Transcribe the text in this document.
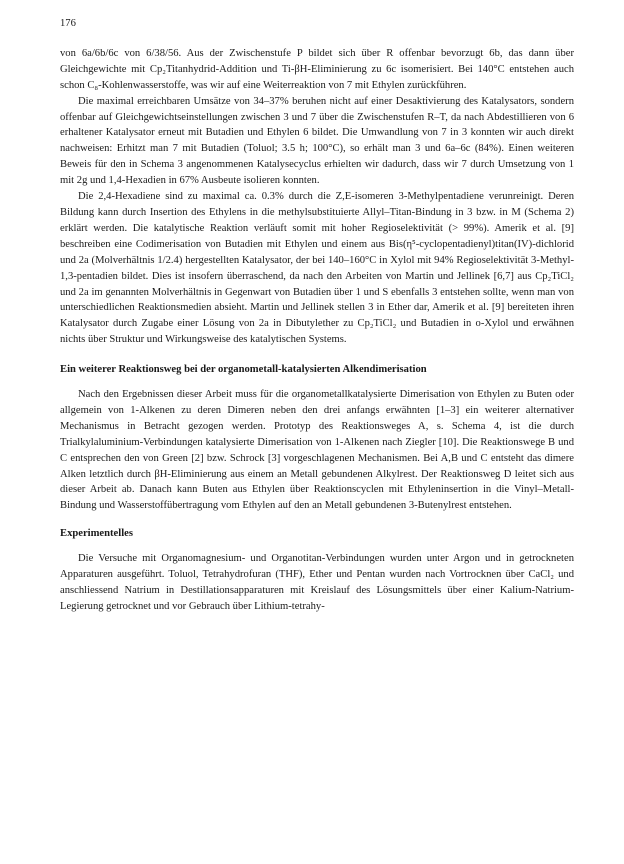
176

von 6a/6b/6c von 6/38/56. Aus der Zwischenstufe P bildet sich über R offenbar bevorzugt 6b, das dann über Gleichgewichte mit Cp₂Titanhydrid-Addition und Ti-βH-Eliminierung zu 6c isomerisiert. Bei 140°C entstehen auch schon C₈-Kohlenwasserstoffe, was wir auf eine Weiterreaktion von 7 mit Ethylen zurückführen.

Die maximal erreichbaren Umsätze von 34–37% beruhen nicht auf einer Desaktivierung des Katalysators, sondern offenbar auf Gleichgewichtseinstellungen zwischen 3 und 7 über die Zwischenstufen R–T, da nach Abdestillieren von 6 erhaltener Katalysator erneut mit Butadien und Ethylen 6 bildet. Die Umwandlung von 7 in 3 konnten wir auch direkt nachweisen: Erhitzt man 7 mit Butadien (Toluol; 3.5 h; 100°C), so erhält man 3 und 6a–6c (84%). Einen weiteren Beweis für den in Schema 3 angenommenen Katalysecyclus erhielten wir dadurch, dass wir 7 durch Umsetzung von 1 mit 2g und 1,4-Hexadien in 67% Ausbeute isolieren konnten.

Die 2,4-Hexadiene sind zu maximal ca. 0.3% durch die Z,E-isomeren 3-Methylpentadiene verunreinigt. Deren Bildung kann durch Insertion des Ethylens in die methylsubstituierte Allyl–Titan-Bindung in 3 bzw. in M (Schema 2) erklärt werden. Die katalytische Reaktion verläuft somit mit hoher Regioselektivität (> 99%). Amerik et al. [9] beschreiben eine Codimerisation von Butadien mit Ethylen und einem aus Bis(η⁵-cyclopentadienyl)titan(IV)-dichlorid und 2a (Molverhältnis 1/2.4) hergestellten Katalysator, der bei 140–160°C in Xylol mit 94% Regioselektivität 3-Methyl-1,3-pentadien bildet. Dies ist insofern überraschend, da nach den Arbeiten von Martin und Jellinek [6,7] aus Cp₂TiCl₂ und 2a im genannten Molverhältnis in Gegenwart von Butadien über 1 und S ebenfalls 3 entstehen sollte, wenn man von unterschiedlichen Reaktionsmedien absieht. Martin und Jellinek stellen 3 in Ether dar, Amerik et al. [9] bereiteten ihren Katalysator durch Zugabe einer Lösung von 2a in Dibutylether zu Cp₂TiCl₂ und Butadien in o-Xylol und erwähnen nichts über Struktur und Wirkungsweise des katalytischen Systems.

Ein weiterer Reaktionsweg bei der organometall-katalysierten Alkendimerisation

Nach den Ergebnissen dieser Arbeit muss für die organometallkatalysierte Dimerisation von Ethylen zu Buten oder allgemein von 1-Alkenen zu deren Dimeren neben den drei anfangs erwähnten [1–3] ein weiterer alternativer Mechanismus in Betracht gezogen werden. Prototyp des Reaktionsweges A, s. Schema 4, ist die durch Trialkylaluminium-Verbindungen katalysierte Dimerisation von 1-Alkenen nach Ziegler [10]. Die Reaktionswege B und C entsprechen den von Green [2] bzw. Schrock [3] vorgeschlagenen Mechanismen. Bei A,B und C entsteht das dimere Alken letztlich durch βH-Eliminierung aus einem an Metall gebundenen Alkylrest. Der Reaktionsweg D leitet sich aus dieser Arbeit ab. Danach kann Buten aus Ethylen über Reaktionscyclen mit Ethyleninsertion in die Vinyl–Metall-Bindung und Wasserstoffübertragung vom Ethylen auf den an Metall gebundenen 3-Butenylrest entstehen.

Experimentelles

Die Versuche mit Organomagnesium- und Organotitan-Verbindungen wurden unter Argon und in getrockneten Apparaturen ausgeführt. Toluol, Tetrahydrofuran (THF), Ether und Pentan wurden nach Vortrocknen über CaCl₂ und anschliessend Natrium in Destillationsapparaturen mit Kreislauf des Lösungsmittels über einer Kalium-Natrium-Legierung getrocknet und vor Gebrauch über Lithium-tetrahy-
